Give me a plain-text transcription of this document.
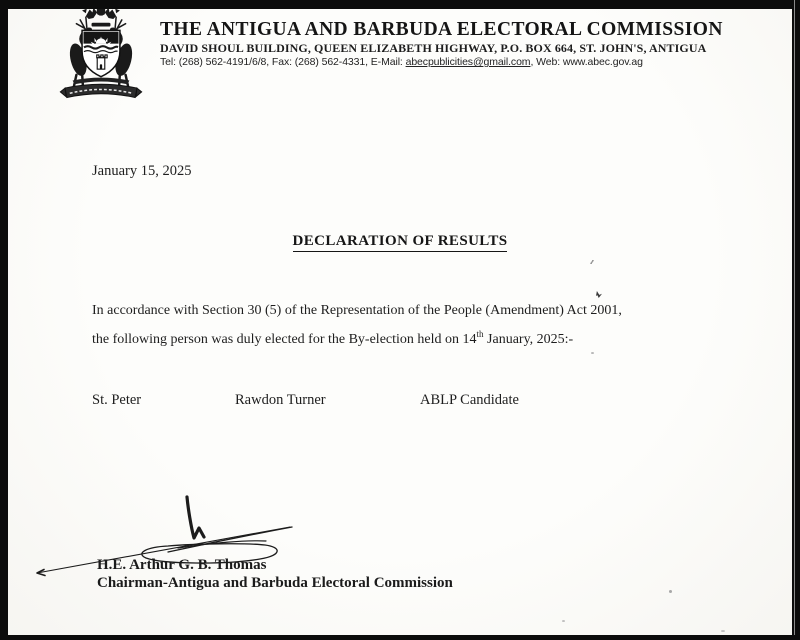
THE ANTIGUA AND BARBUDA ELECTORAL COMMISSION
DAVID SHOUL BUILDING, QUEEN ELIZABETH HIGHWAY, P.O. BOX 664, ST. JOHN'S, ANTIGUA
Tel: (268) 562-4191/6/8, Fax: (268) 562-4331, E-Mail: abecpublicities@gmail.com, Web: www.abec.gov.ag
January 15, 2025
DECLARATION OF RESULTS
In accordance with Section 30 (5) of the Representation of the People (Amendment) Act 2001,
the following person was duly elected for the By-election held on 14th January, 2025:-
St. Peter	Rawdon Turner	ABLP Candidate
H.E. Arthur G. B. Thomas
Chairman-Antigua and Barbuda Electoral Commission
